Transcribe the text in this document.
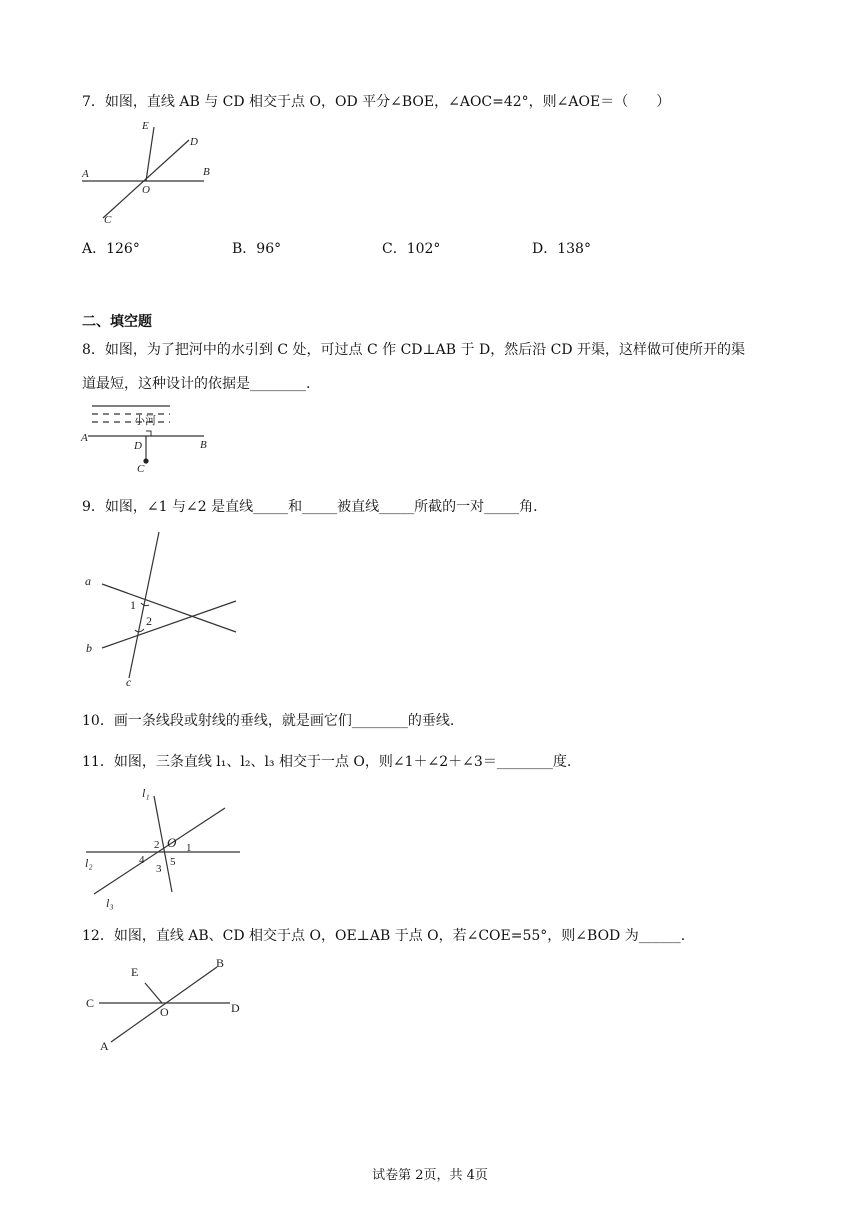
7．如图，直线 AB 与 CD 相交于点 O，OD 平分∠BOE，∠AOC=42°，则∠AOE＝（　　）
E
D
A	B
O
C
A．126°	B．96°	C．102°	D．138°
二、填空题
8．如图，为了把河中的水引到 C 处，可过点 C 作 CD⊥AB 于 D，然后沿 CD 开渠，这样做可使所开的渠
道最短，这种设计的依据是________.
小河
A
B
D
C
9．如图，∠1 与∠2 是直线_____和_____被直线_____所截的一对_____角.
a
b
c
1
2
10．画一条线段或射线的垂线，就是画它们________的垂线.
11．如图，三条直线 l₁、l₂、l₃ 相交于一点 O，则∠1＋∠2＋∠3＝________度.
l₁
l₂
l₃
O 1
2
3
4 5
12．如图，直线 AB、CD 相交于点 O，OE⊥AB 于点 O，若∠COE=55°，则∠BOD 为______.
E
B
C
O	D
A
试卷第 2页，共 4页
